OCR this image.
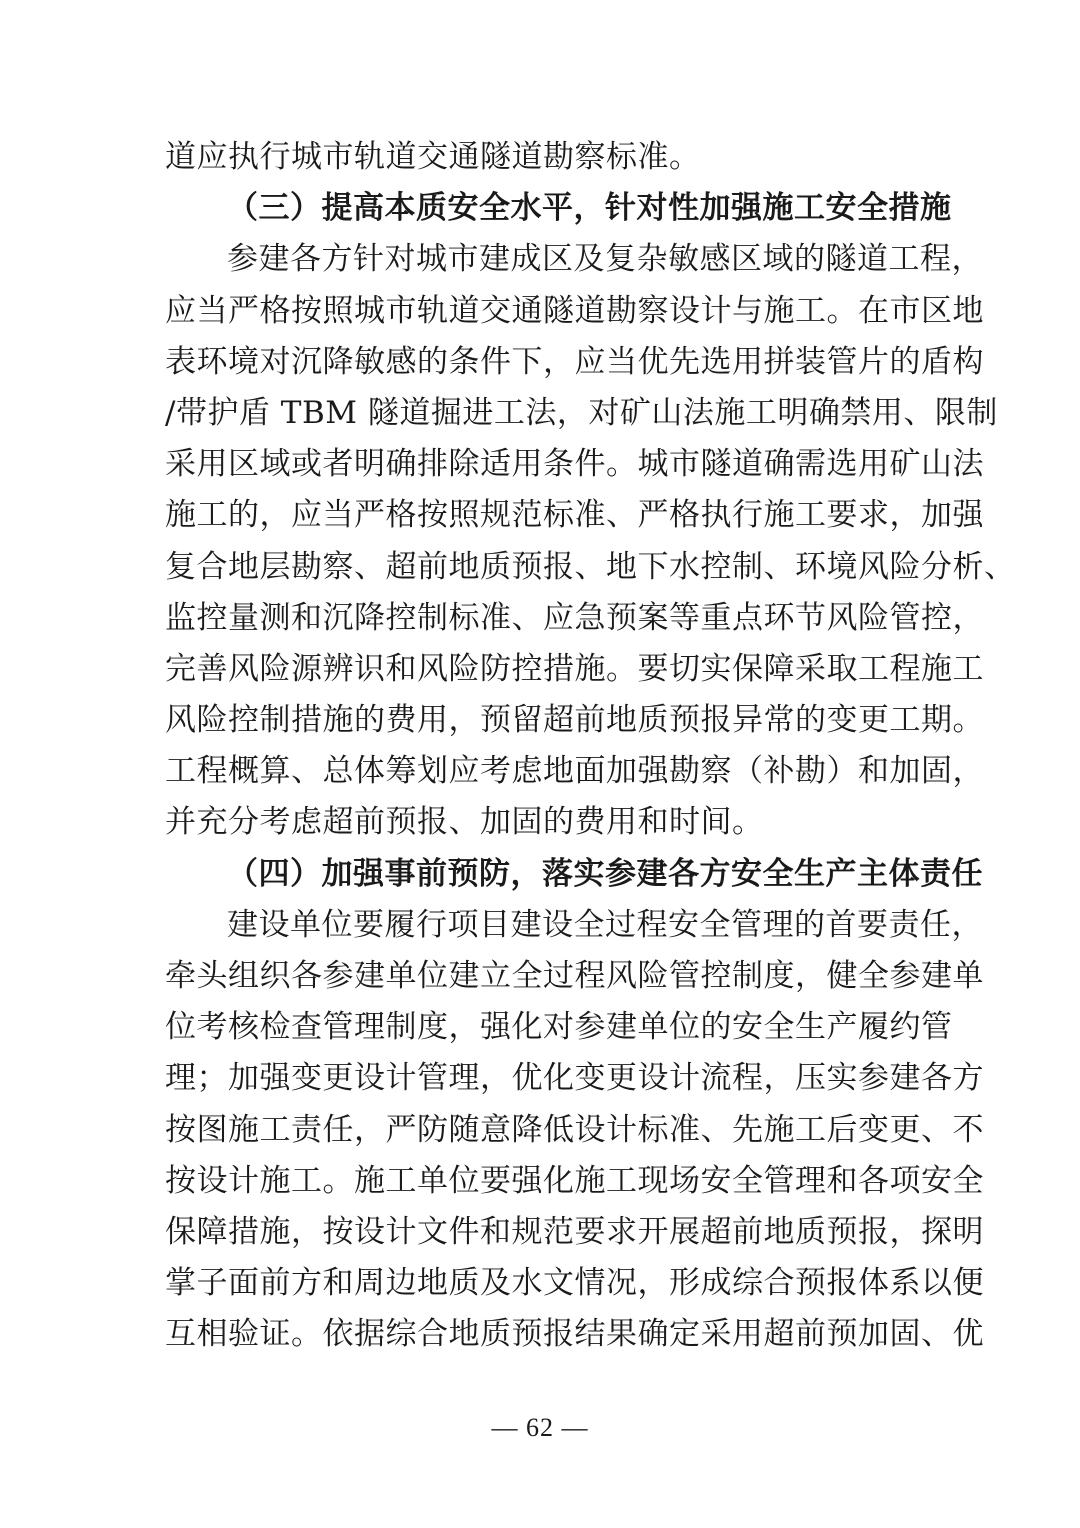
道应执行城市轨道交通隧道勘察标准。
（三）提高本质安全水平，针对性加强施工安全措施
参建各方针对城市建成区及复杂敏感区域的隧道工程，
应当严格按照城市轨道交通隧道勘察设计与施工。在市区地
表环境对沉降敏感的条件下，应当优先选用拼装管片的盾构
/带护盾 TBM 隧道掘进工法，对矿山法施工明确禁用、限制
采用区域或者明确排除适用条件。城市隧道确需选用矿山法
施工的，应当严格按照规范标准、严格执行施工要求，加强
复合地层勘察、超前地质预报、地下水控制、环境风险分析、
监控量测和沉降控制标准、应急预案等重点环节风险管控，
完善风险源辨识和风险防控措施。要切实保障采取工程施工
风险控制措施的费用，预留超前地质预报异常的变更工期。
工程概算、总体筹划应考虑地面加强勘察（补勘）和加固，
并充分考虑超前预报、加固的费用和时间。
（四）加强事前预防，落实参建各方安全生产主体责任
建设单位要履行项目建设全过程安全管理的首要责任，
牵头组织各参建单位建立全过程风险管控制度，健全参建单
位考核检查管理制度，强化对参建单位的安全生产履约管
理；加强变更设计管理，优化变更设计流程，压实参建各方
按图施工责任，严防随意降低设计标准、先施工后变更、不
按设计施工。施工单位要强化施工现场安全管理和各项安全
保障措施，按设计文件和规范要求开展超前地质预报，探明
掌子面前方和周边地质及水文情况，形成综合预报体系以便
互相验证。依据综合地质预报结果确定采用超前预加固、优
— 62 —
